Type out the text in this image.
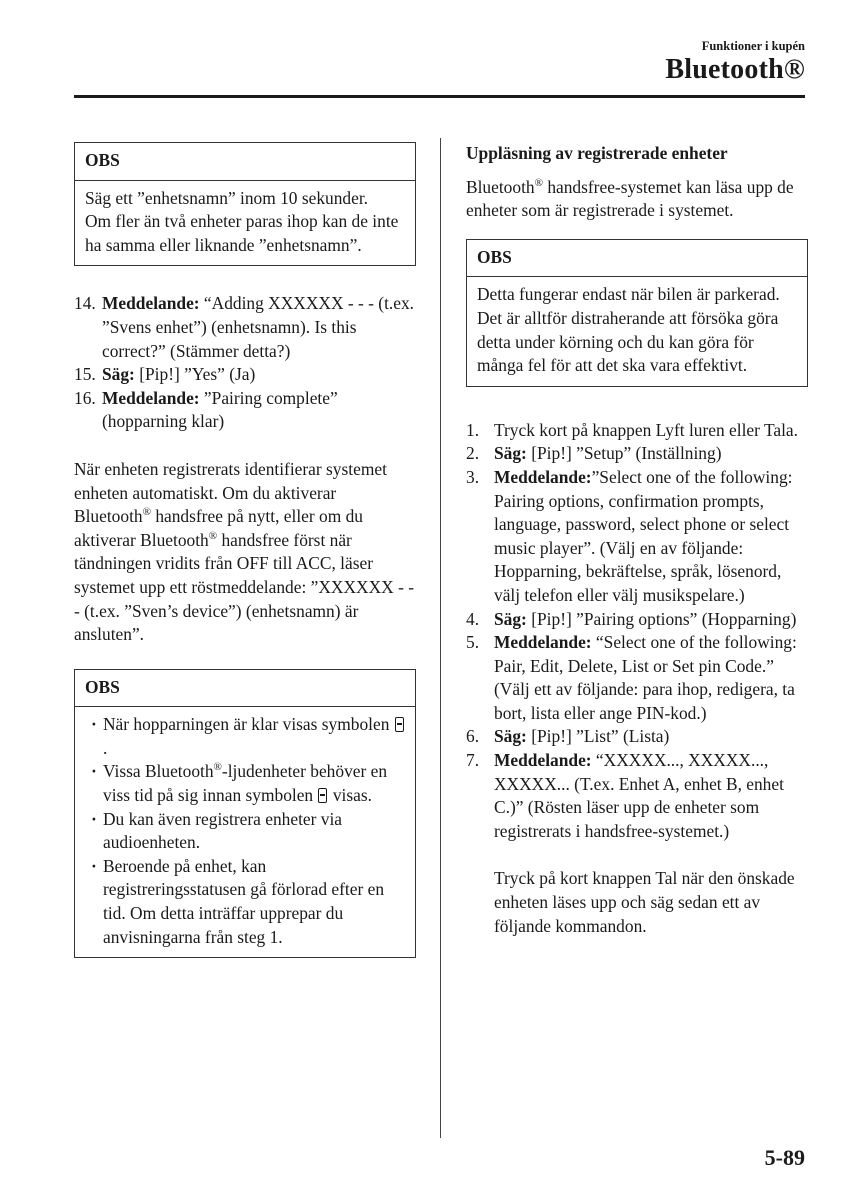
Funktioner i kupén
Bluetooth®
OBS

Säg ett ”enhetsnamn” inom 10 sekunder.

Om fler än två enheter paras ihop kan de inte ha samma eller liknande ”enhetsnamn”.

14. Meddelande: “Adding XXXXXX - - - (t.ex. ”Svens enhet”) (enhetsnamn). Is this correct?” (Stämmer detta?)
15. Säg: [Pip!] ”Yes” (Ja)
16. Meddelande: ”Pairing complete” (hopparning klar)

När enheten registrerats identifierar systemet enheten automatiskt. Om du aktiverar Bluetooth® handsfree på nytt, eller om du aktiverar Bluetooth® handsfree först när tändningen vridits från OFF till ACC, läser systemet upp ett röstmeddelande: ”XXXXXX - - - (t.ex. ”Sven’s device”) (enhetsnamn) är ansluten”.

OBS
· När hopparningen är klar visas symbolen .
· Vissa Bluetooth®-ljudenheter behöver en viss tid på sig innan symbolen  visas.
· Du kan även registrera enheter via audioenheten.
· Beroende på enhet, kan registreringsstatusen gå förlorad efter en tid. Om detta inträffar upprepar du anvisningarna från steg 1.

Uppläsning av registrerade enheter

Bluetooth® handsfree-systemet kan läsa upp de enheter som är registrerade i systemet.

OBS

Detta fungerar endast när bilen är parkerad. Det är alltför distraherande att försöka göra detta under körning och du kan göra för många fel för att det ska vara effektivt.

1. Tryck kort på knappen Lyft luren eller Tala.
2. Säg: [Pip!] ”Setup” (Inställning)
3. Meddelande:”Select one of the following: Pairing options, confirmation prompts, language, password, select phone or select music player”. (Välj en av följande: Hopparning, bekräftelse, språk, lösenord, välj telefon eller välj musikspelare.)
4. Säg: [Pip!] ”Pairing options” (Hopparning)
5. Meddelande: “Select one of the following: Pair, Edit, Delete, List or Set pin Code.” (Välj ett av följande: para ihop, redigera, ta bort, lista eller ange PIN-kod.)
6. Säg: [Pip!] ”List” (Lista)
7. Meddelande: “XXXXX..., XXXXX..., XXXXX... (T.ex. Enhet A, enhet B, enhet C.)” (Rösten läser upp de enheter som registrerats i handsfree-systemet.)

Tryck på kort knappen Tal när den önskade enheten läses upp och säg sedan ett av följande kommandon.

5-89
